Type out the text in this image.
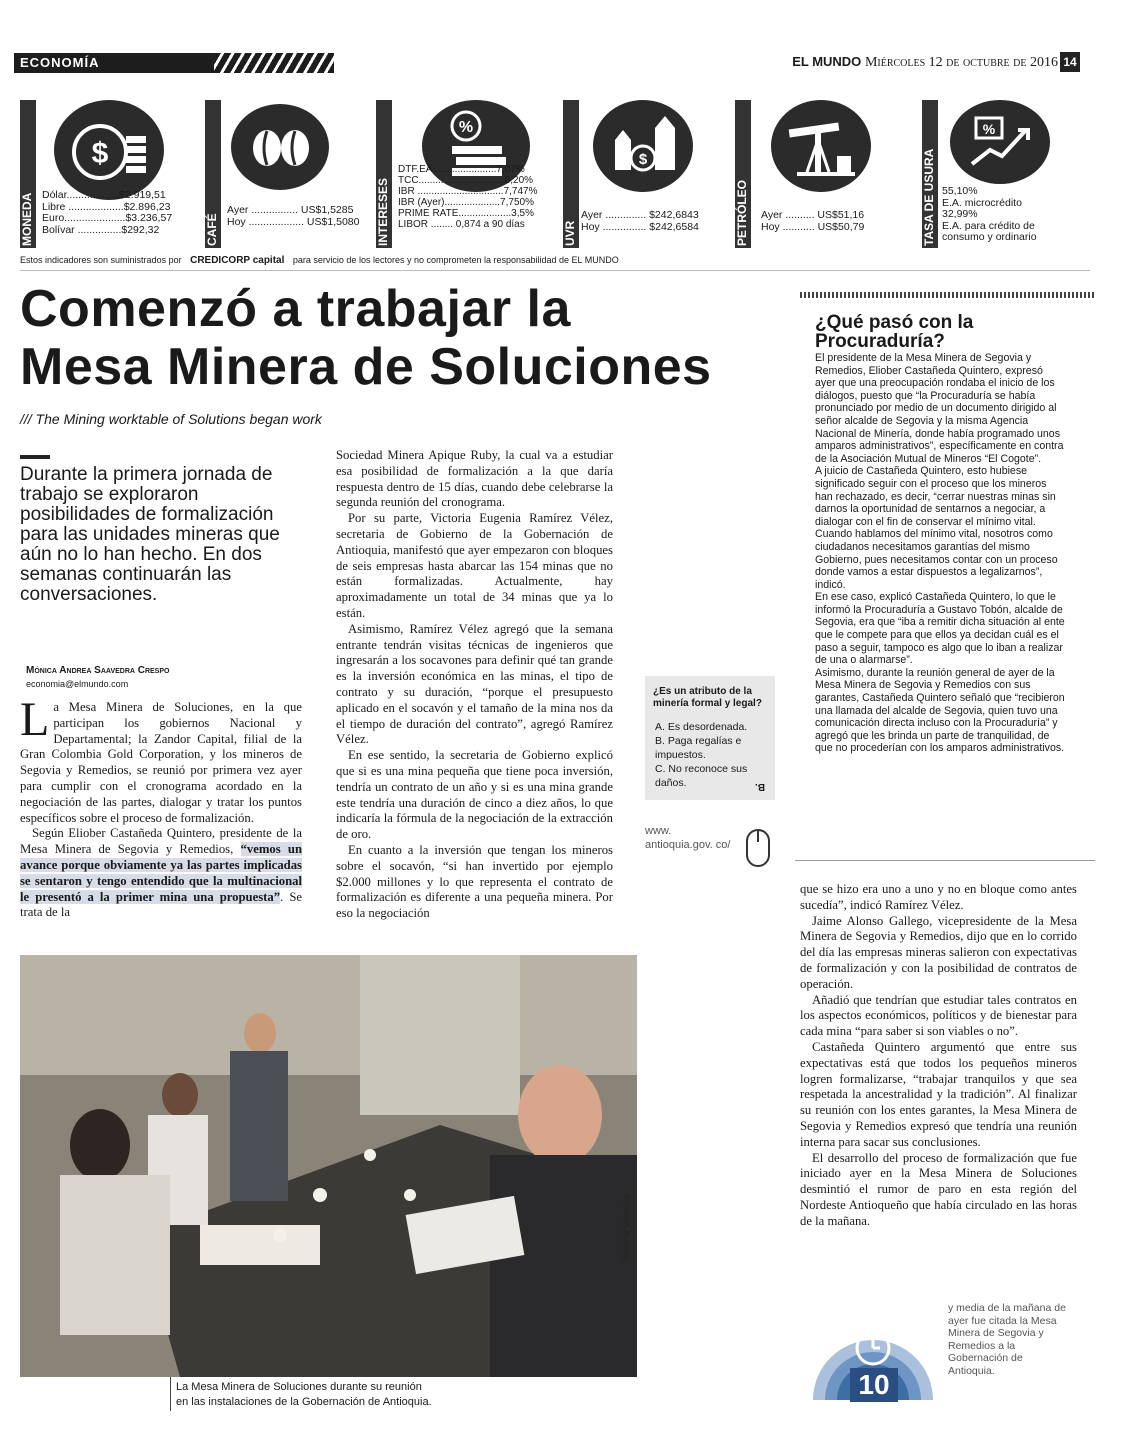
ECONOMÍA	EL MUNDO Miércoles 12 de octubre de 2016 14
MONEDA
$
Dólar..................$2.919,51
Libre ...................$2.896,23
Euro.....................$3.236,57
Bolívar ...............$292,32	CAFÉ
Ayer ................ US$1,5285
Hoy ................... US$1,5080 INTERESES
%
DTF.EA.......................7,07%
TCC...............................8,20%
IBR ...............................7,747%
IBR (Ayer)....................7,750%
PRIME RATE...................3,5%
LIBOR ........ 0,874 a 90 días	UVR
$
Ayer .............. $242,6843
Hoy ............... $242,6584	PETRÓLEO Ayer .......... US$51,16
Hoy ........... US$50,79	TASA DE USURA
%
55,10%
E.A. microcrédito
32,99%
E.A. para crédito de
consumo y ordinario
Estos indicadores son suministrados por CREDICORP capital para servicio de los lectores y no comprometen la responsabilidad de EL MUNDO
Comenzó a trabajar la
Mesa Minera de Soluciones
/// The Mining worktable of Solutions began work
Durante la primera jornada de trabajo se exploraron posibilidades de formalización para las unidades mineras que aún no lo han hecho. En dos semanas continuarán las conversaciones.
Mónica Andrea Saavedra Crespo
economia@elmundo.com

La Mesa Minera de Soluciones, en la que participan los gobiernos Nacional y Departamental; la Zandor Capital, filial de la Gran Colombia Gold Corporation, y los mineros de Segovia y Remedios, se reunió por primera vez ayer para cumplir con el cronograma acordado en la negociación de las partes, dialogar y tratar los puntos específicos sobre el proceso de formalización.

Según Eliober Castañeda Quintero, presidente de la Mesa Minera de Segovia y Remedios, “vemos un avance porque obviamente ya las partes implicadas se sentaron y tengo entendido que la multinacional le presentó a la primer mina una propuesta”. Se trata de la

Sociedad Minera Apique Ruby, la cual va a estudiar esa posibilidad de formalización a la que daría respuesta dentro de 15 días, cuando debe celebrarse la segunda reunión del cronograma.

Por su parte, Victoria Eugenia Ramírez Vélez, secretaria de Gobierno de la Gobernación de Antioquia, manifestó que ayer empezaron con bloques de seis empresas hasta abarcar las 154 minas que no están formalizadas. Actualmente, hay aproximadamente un total de 34 minas que ya lo están.

Asimismo, Ramírez Vélez agregó que la semana entrante tendrán visitas técnicas de ingenieros que ingresarán a los socavones para definir qué tan grande es la inversión económica en las minas, el tipo de contrato y su duración, “porque el presupuesto aplicado en el socavón y el tamaño de la mina nos da el tiempo de duración del contrato”, agregó Ramírez Vélez.

En ese sentido, la secretaria de Gobierno explicó que si es una mina pequeña que tiene poca inversión, tendría un contrato de un año y si es una mina grande este tendría una duración de cinco a diez años, lo que indicaría la fórmula de la negociación de la extracción de oro.

En cuanto a la inversión que tengan los mineros sobre el socavón, “si han invertido por ejemplo $2.000 millones y lo que representa el contrato de formalización es diferente a una pequeña minera. Por eso la negociación

¿Es un atributo de la minería formal y legal?
A. Es desordenada.
B. Paga regalías e impuestos.
C. No reconoce sus daños.	B.
www. antioquia.gov. co/
¿Qué pasó con la Procuraduría?

El presidente de la Mesa Minera de Segovia y Remedios, Eliober Castañeda Quintero, expresó ayer que una preocupación rondaba el inicio de los diálogos, puesto que “la Procuraduría se había pronunciado por medio de un documento dirigido al señor alcalde de Segovia y la misma Agencia Nacional de Minería, donde había programado unos amparos administrativos”, específicamente en contra de la Asociación Mutual de Mineros “El Cogote”.

A juicio de Castañeda Quintero, esto hubiese significado seguir con el proceso que los mineros han rechazado, es decir, “cerrar nuestras minas sin darnos la oportunidad de sentarnos a negociar, a dialogar con el fin de conservar el mínimo vital. Cuando hablamos del mínimo vital, nosotros como ciudadanos necesitamos garantías del mismo Gobierno, pues necesitamos contar con un proceso donde vamos a estar dispuestos a legalizarnos”, indicó.

En ese caso, explicó Castañeda Quintero, lo que le informó la Procuraduría a Gustavo Tobón, alcalde de Segovia, era que “iba a remitir dicha situación al ente que le compete para que ellos ya decidan cuál es el paso a seguir, tampoco es algo que lo iban a realizar de una o alarmarse”.

Asimismo, durante la reunión general de ayer de la Mesa Minera de Segovia y Remedios con sus garantes, Castañeda Quintero señaló que “recibieron una llamada del alcalde de Segovia, quien tuvo una comunicación directa incluso con la Procuraduría” y agregó que les brinda un parte de tranquilidad, de que no procederían con los amparos administrativos.

que se hizo era uno a uno y no en bloque como antes sucedía”, indicó Ramírez Vélez.

Jaime Alonso Gallego, vicepresidente de la Mesa Minera de Segovia y Remedios, dijo que en lo corrido del día las empresas mineras salieron con expectativas de formalización y con la posibilidad de contratos de operación.

Añadió que tendrían que estudiar tales contratos en los aspectos económicos, políticos y de bienestar para cada mina “para saber si son viables o no”.

Castañeda Quintero argumentó que entre sus expectativas está que todos los pequeños mineros logren formalizarse, “trabajar tranquilos y que sea respetada la ancestralidad y la tradición”. Al finalizar su reunión con los entes garantes, la Mesa Minera de Segovia y Remedios expresó que tendría una reunión interna para sacar sus conclusiones.

El desarrollo del proceso de formalización que fue iniciado ayer en la Mesa Minera de Soluciones desmintió el rumor de paro en esta región del Nordeste Antioqueño que había circulado en las horas de la mañana.

Bladimir Venencia
La Mesa Minera de Soluciones durante su reunión
en las instalaciones de la Gobernación de Antioquia.
10
y media de la mañana de ayer fue citada la Mesa Minera de Segovia y Remedios a la Gobernación de Antioquia.
